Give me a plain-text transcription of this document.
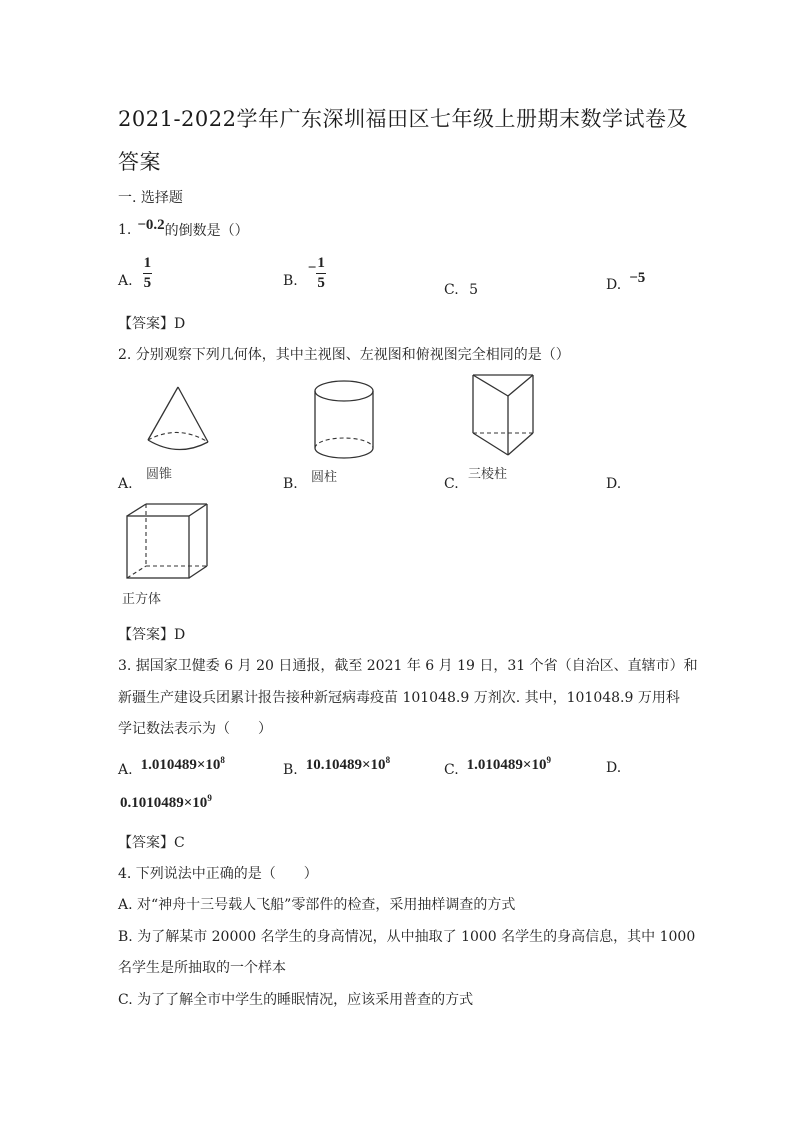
2021-2022学年广东深圳福田区七年级上册期末数学试卷及
答案
一. 选择题
1. −0.2 的倒数是（）
A. $\frac{1}{5}$	B.
− $\frac{1}{5}$	C. 5	D. −5
【答案】D
2. 分别观察下列几何体，其中主视图、左视图和俯视图完全相同的是（）
圆锥	圆柱	三棱柱
A.	B.	C.	D.
正方体
【答案】D
3. 据国家卫健委 6 月 20 日通报，截至 2021 年 6 月 19 日，31 个省（自治区、直辖市）和
新疆生产建设兵团累计报告接种新冠病毒疫苗 101048.9 万剂次. 其中，101048.9 万用科
学记数法表示为（　　）
A. $1.010489\times 10^8$
B. $10.10489\times 10^8$
C. $1.010489\times 10^9$	D.
$0.1010489\times 10^9$
【答案】C
4. 下列说法中正确的是（　　）
A. 对“神舟十三号载人飞船”零部件的检查，采用抽样调查的方式
B. 为了解某市 20000 名学生的身高情况，从中抽取了 1000 名学生的身高信息，其中 1000
名学生是所抽取的一个样本
C. 为了了解全市中学生的睡眠情况，应该采用普查的方式
